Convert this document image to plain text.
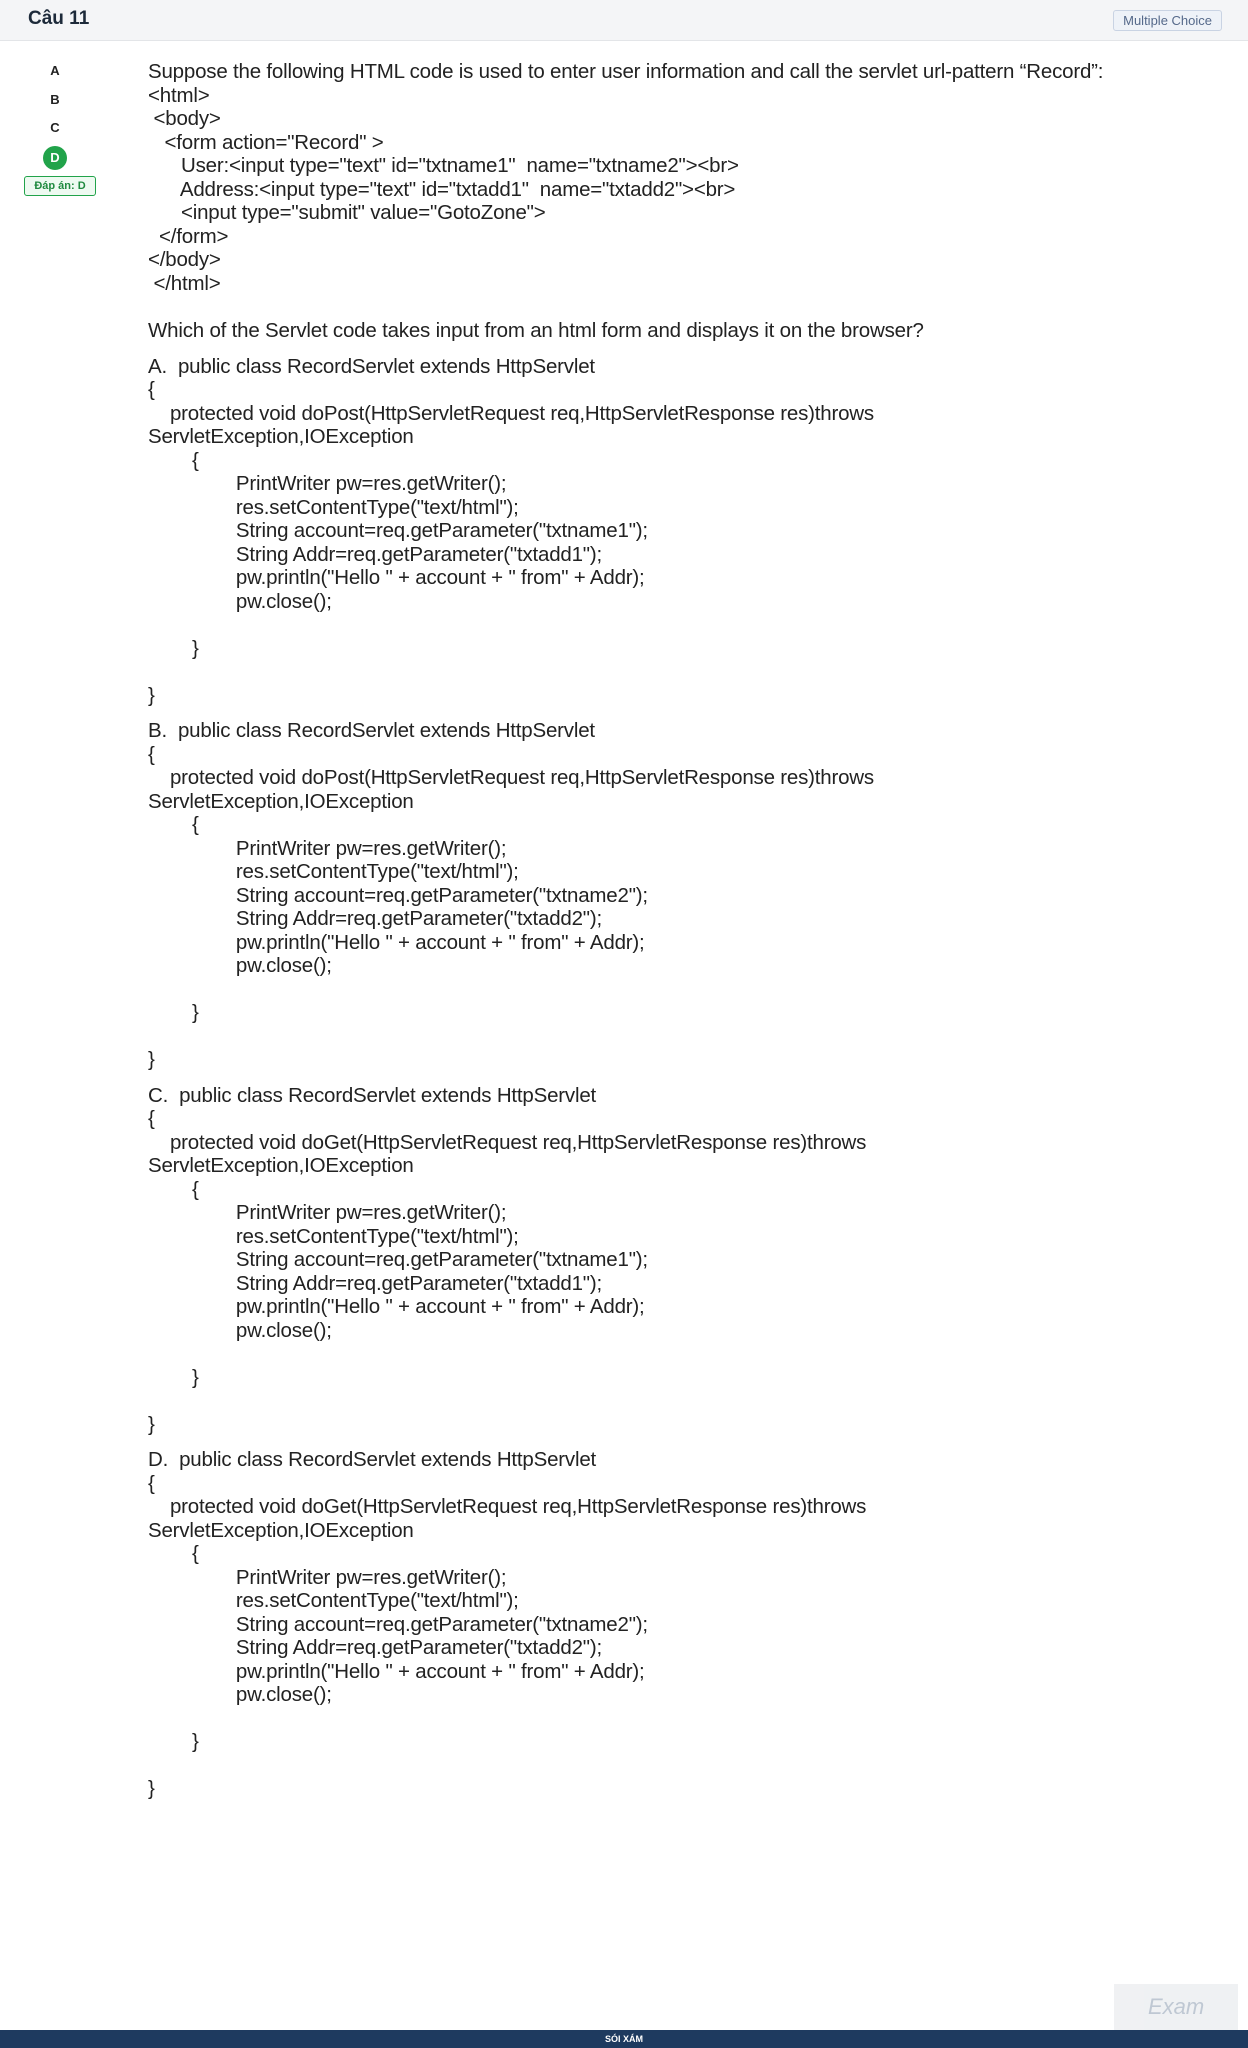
Câu 11	Multiple Choice
A
B
C
D
Đáp án: D
Suppose the following HTML code is used to enter user information and call the servlet url-pattern “Record”:
<html>
<body>
<form action="Record" >
User:<input type="text" id="txtname1"  name="txtname2"><br>
Address:<input type="text" id="txtadd1"  name="txtadd2"><br>
<input type="submit" value="GotoZone">
</form>
</body>
</html>
Which of the Servlet code takes input from an html form and displays it on the browser?
A.  public class RecordServlet extends HttpServlet
{
protected void doPost(HttpServletRequest req,HttpServletResponse res)throws
ServletException,IOException
{
PrintWriter pw=res.getWriter();
res.setContentType("text/html");
String account=req.getParameter("txtname1");
String Addr=req.getParameter("txtadd1");
pw.println("Hello " + account + " from" + Addr);
pw.close();
}
}
B.  public class RecordServlet extends HttpServlet
{
protected void doPost(HttpServletRequest req,HttpServletResponse res)throws
ServletException,IOException
{
PrintWriter pw=res.getWriter();
res.setContentType("text/html");
String account=req.getParameter("txtname2");
String Addr=req.getParameter("txtadd2");
pw.println("Hello " + account + " from" + Addr);
pw.close();
}
}
C.  public class RecordServlet extends HttpServlet
{
protected void doGet(HttpServletRequest req,HttpServletResponse res)throws
ServletException,IOException
{
PrintWriter pw=res.getWriter();
res.setContentType("text/html");
String account=req.getParameter("txtname1");
String Addr=req.getParameter("txtadd1");
pw.println("Hello " + account + " from" + Addr);
pw.close();
}
}
D.  public class RecordServlet extends HttpServlet
{
protected void doGet(HttpServletRequest req,HttpServletResponse res)throws
ServletException,IOException
{
PrintWriter pw=res.getWriter();
res.setContentType("text/html");
String account=req.getParameter("txtname2");
String Addr=req.getParameter("txtadd2");
pw.println("Hello " + account + " from" + Addr);
pw.close();
}
}
Exam
SÓI XÁM
